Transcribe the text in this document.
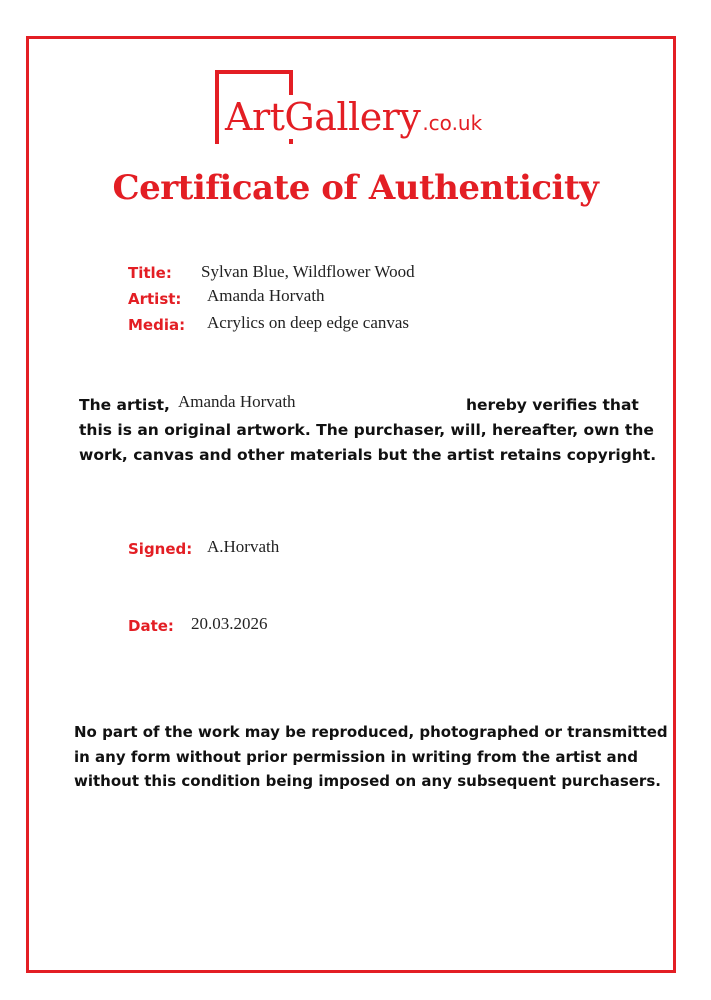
ArtGallery .co.uk
Certificate of Authenticity
Title: Sylvan Blue, Wildflower Wood
Artist: Amanda Horvath
Media: Acrylics on deep edge canvas
The artist, Amanda Horvath	hereby verifies that
this is an original artwork. The purchaser, will, hereafter, own the
work, canvas and other materials but the artist retains copyright.
Signed: A.Horvath
Date: 20.03.2026
No part of the work may be reproduced, photographed or transmitted
in any form without prior permission in writing from the artist and
without this condition being imposed on any subsequent purchasers.
